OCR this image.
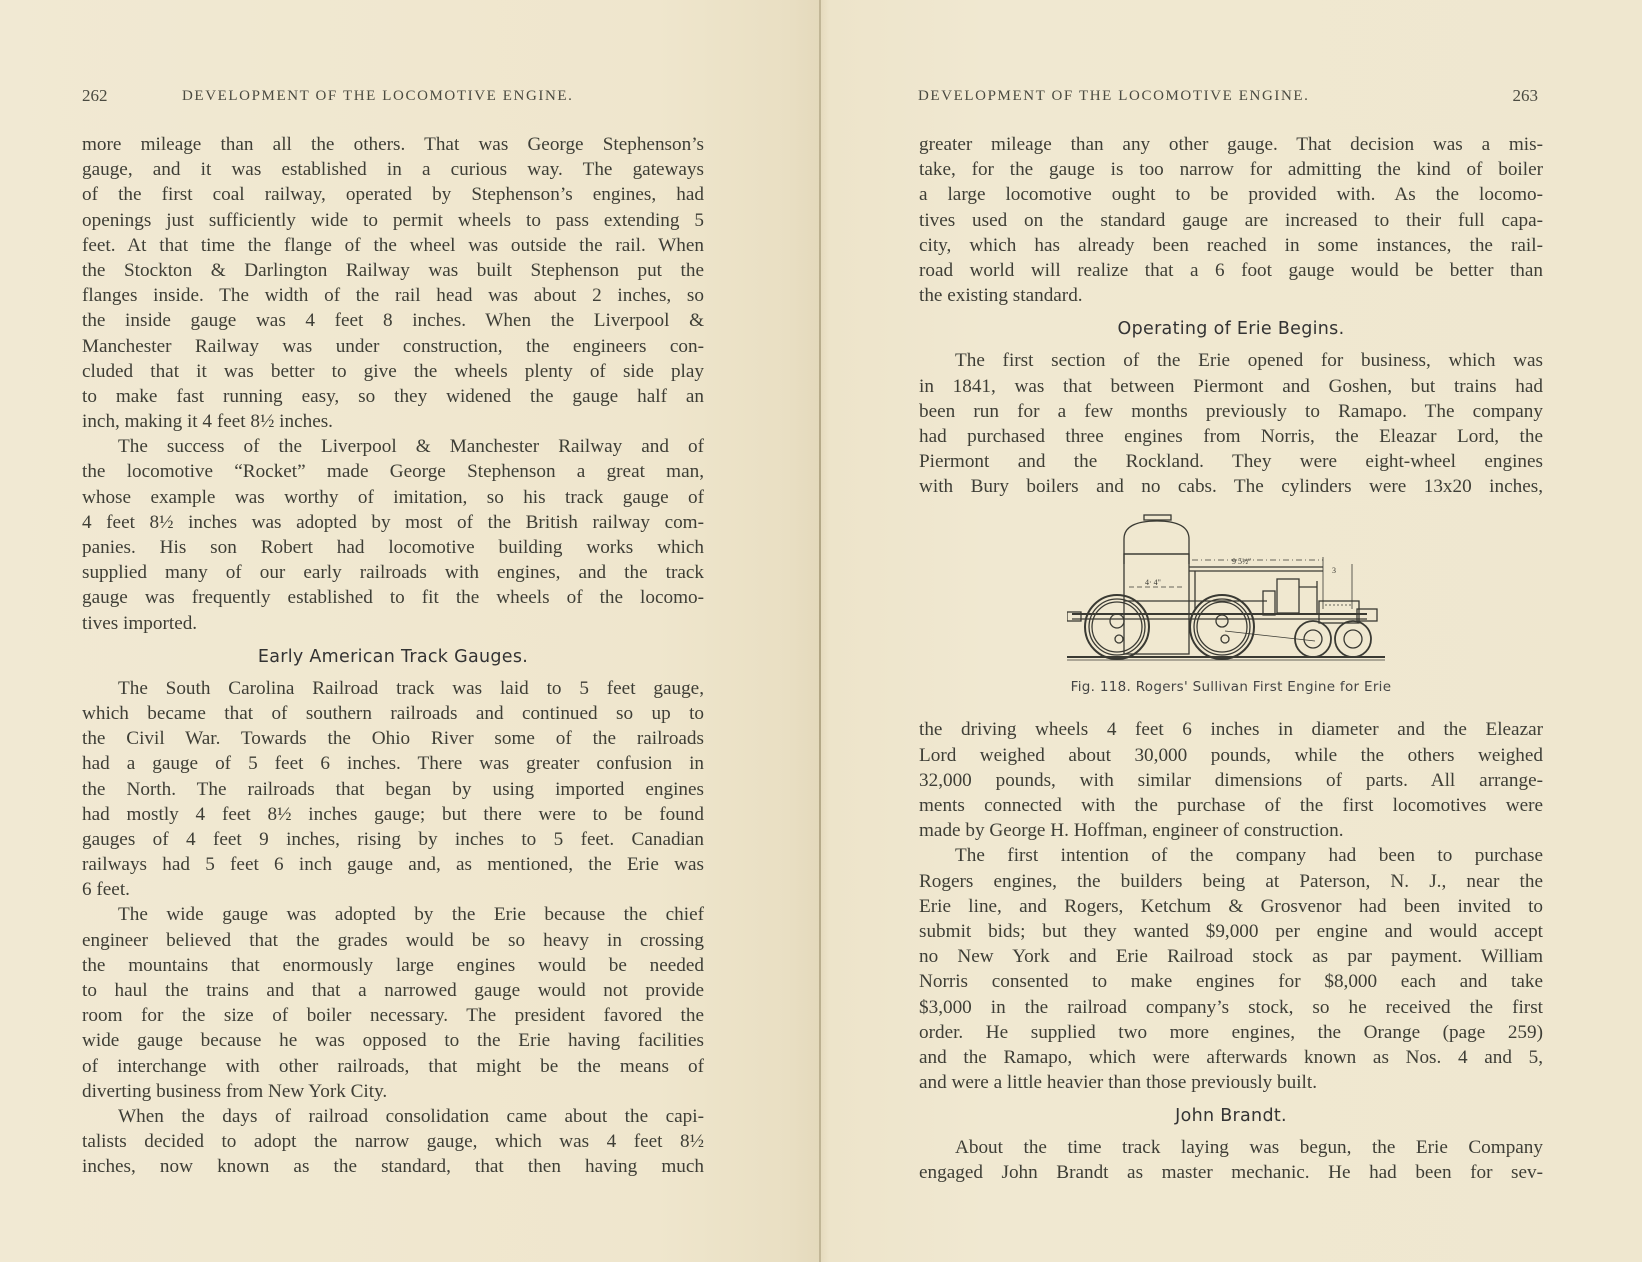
262	DEVELOPMENT OF THE LOCOMOTIVE ENGINE.
more mileage than all the others. That was George Stephenson’s
gauge, and it was established in a curious way. The gateways
of the first coal railway, operated by Stephenson’s engines, had
openings just sufficiently wide to permit wheels to pass extending 5
feet. At that time the flange of the wheel was outside the rail. When
the Stockton & Darlington Railway was built Stephenson put the
flanges inside. The width of the rail head was about 2 inches, so
the inside gauge was 4 feet 8 inches. When the Liverpool &
Manchester Railway was under construction, the engineers con-
cluded that it was better to give the wheels plenty of side play
to make fast running easy, so they widened the gauge half an
inch, making it 4 feet 8½ inches.
The success of the Liverpool & Manchester Railway and of
the locomotive “Rocket” made George Stephenson a great man,
whose example was worthy of imitation, so his track gauge of
4 feet 8½ inches was adopted by most of the British railway com-
panies. His son Robert had locomotive building works which
supplied many of our early railroads with engines, and the track
gauge was frequently established to fit the wheels of the locomo-
tives imported.
Early American Track Gauges.
The South Carolina Railroad track was laid to 5 feet gauge,
which became that of southern railroads and continued so up to
the Civil War. Towards the Ohio River some of the railroads
had a gauge of 5 feet 6 inches. There was greater confusion in
the North. The railroads that began by using imported engines
had mostly 4 feet 8½ inches gauge; but there were to be found
gauges of 4 feet 9 inches, rising by inches to 5 feet. Canadian
railways had 5 feet 6 inch gauge and, as mentioned, the Erie was
6 feet.
The wide gauge was adopted by the Erie because the chief
engineer believed that the grades would be so heavy in crossing
the mountains that enormously large engines would be needed
to haul the trains and that a narrowed gauge would not provide
room for the size of boiler necessary. The president favored the
wide gauge because he was opposed to the Erie having facilities
of interchange with other railroads, that might be the means of
diverting business from New York City.
When the days of railroad consolidation came about the capi-
talists decided to adopt the narrow gauge, which was 4 feet 8½
inches, now known as the standard, that then having much
DEVELOPMENT OF THE LOCOMOTIVE ENGINE.	263
greater mileage than any other gauge. That decision was a mis-
take, for the gauge is too narrow for admitting the kind of boiler
a large locomotive ought to be provided with. As the locomo-
tives used on the standard gauge are increased to their full capa-
city, which has already been reached in some instances, the rail-
road world will realize that a 6 foot gauge would be better than
the existing standard.
Operating of Erie Begins.
The first section of the Erie opened for business, which was
in 1841, was that between Piermont and Goshen, but trains had
been run for a few months previously to Ramapo. The company
had purchased three engines from Norris, the Eleazar Lord, the
Piermont and the Rockland. They were eight-wheel engines
with Bury boilers and no cabs. The cylinders were 13x20 inches,
9 5½"
4· 4"
3
Fig. 118. Rogers' Sullivan First Engine for Erie
the driving wheels 4 feet 6 inches in diameter and the Eleazar
Lord weighed about 30,000 pounds, while the others weighed
32,000 pounds, with similar dimensions of parts. All arrange-
ments connected with the purchase of the first locomotives were
made by George H. Hoffman, engineer of construction.
The first intention of the company had been to purchase
Rogers engines, the builders being at Paterson, N. J., near the
Erie line, and Rogers, Ketchum & Grosvenor had been invited to
submit bids; but they wanted $9,000 per engine and would accept
no New York and Erie Railroad stock as par payment. William
Norris consented to make engines for $8,000 each and take
$3,000 in the railroad company’s stock, so he received the first
order. He supplied two more engines, the Orange (page 259)
and the Ramapo, which were afterwards known as Nos. 4 and 5,
and were a little heavier than those previously built.
John Brandt.
About the time track laying was begun, the Erie Company
engaged John Brandt as master mechanic. He had been for sev-
